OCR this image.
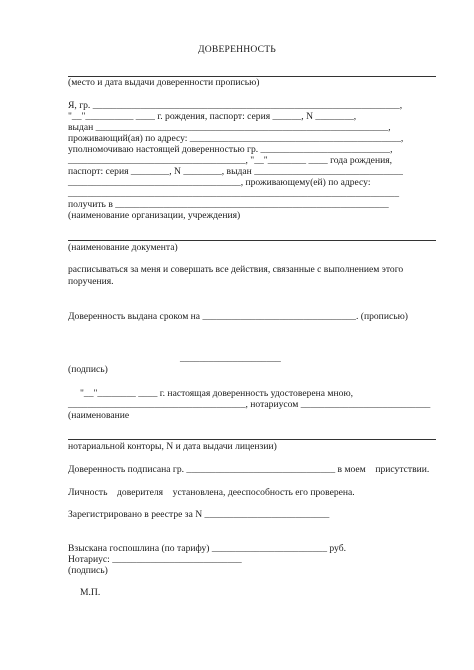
ДОВЕРЕННОСТЬ
(место и дата выдачи доверенности прописью)
Я, гр. ________________________________________________________________,
"__"__________ ____ г. рождения, паспорт: серия ______, N ________,
выдан _____________________________________________________________,
проживающий(ая) по адресу: ____________________________________________,
уполномочиваю настоящей доверенностью гр. ___________________________,
_____________________________________, "__"________ ____ года рождения,
паспорт: серия ________, N ________, выдан _______________________________
____________________________________, проживающему(ей) по адресу:
_____________________________________________________________________
получить в _________________________________________________________
(наименование организации, учреждения)
(наименование документа)
расписываться за меня и совершать все действия, связанные с выполнением этого
поручения.
Доверенность выдана сроком на ________________________________. (прописью)
_____________________
(подпись)
"__"________ ____ г. настоящая доверенность удостоверена мною,
_____________________________________, нотариусом ___________________________
(наименование
нотариальной конторы, N и дата выдачи лицензии)
Доверенность подписана гр. _______________________________ в моем    присутствии.
Личность    доверителя    установлена, дееспособность его проверена.
Зарегистрировано в реестре за N __________________________
Взыскана госпошлина (по тарифу) ________________________ руб.
Нотариус: ___________________________
(подпись)
М.П.
